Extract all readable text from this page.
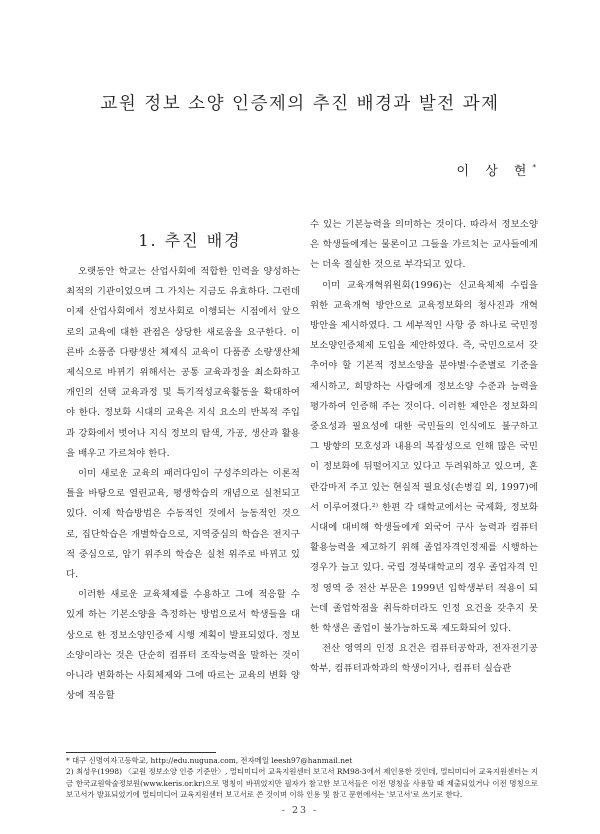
교원 정보 소양 인증제의 추진 배경과 발전 과제
이 상 현*
1. 추진 배경

오랫동안 학교는 산업사회에 적합한 인력을 양성하는 최적의 기관이었으며 그 가치는 지금도 유효하다. 그런데 이제 산업사회에서 정보사회로 이행되는 시점에서 앞으로의 교육에 대한 관점은 상당한 새로움을 요구한다. 이른바 소품종 다량생산 체제식 교육이 다품종 소량생산체제식으로 바뀌기 위해서는 공통 교육과정을 최소화하고 개인의 선택 교육과정 및 특기적성교육활동을 확대하여야 한다. 정보화 시대의 교육은 지식 요소의 반복적 주입과 강화에서 벗어나 지식 정보의 탐색, 가공, 생산과 활용을 배우고 가르쳐야 한다.

이미 새로운 교육의 패러다임이 구성주의라는 이론적 틀을 바탕으로 열린교육, 평생학습의 개념으로 실천되고 있다. 이제 학습방법은 수동적인 것에서 능동적인 것으로, 집단학습은 개별학습으로, 지역중심의 학습은 전지구적 중심으로, 암기 위주의 학습은 실천 위주로 바뀌고 있다.

이러한 새로운 교육체제를 수용하고 그에 적응할 수 있게 하는 기본소양을 측정하는 방법으로서 학생들을 대상으로 한 정보소양인증제 시행 계획이 발표되었다. 정보소양이라는 것은 단순히 컴퓨터 조작능력을 말하는 것이 아니라 변화하는 사회체제와 그에 따르는 교육의 변화 양상에 적응할

수 있는 기본능력을 의미하는 것이다. 따라서 정보소양은 학생들에게는 물론이고 그들을 가르치는 교사들에게는 더욱 절실한 것으로 부각되고 있다.

이미 교육개혁위원회(1996)는 신교육체제 수립을 위한 교육개혁 방안으로 교육정보화의 청사진과 개혁 방안을 제시하였다. 그 세부적인 사항 중 하나로 국민정보소양인증체제 도입을 제안하였다. 즉, 국민으로서 갖추어야 할 기본적 정보소양을 분야별·수준별로 기준을 제시하고, 희망하는 사람에게 정보소양 수준과 능력을 평가하여 인증해 주는 것이다. 이러한 제안은 정보화의 중요성과 필요성에 대한 국민들의 인식에도 불구하고 그 방향의 모호성과 내용의 복잡성으로 인해 많은 국민이 정보화에 뒤떨어지고 있다고 두려워하고 있으며, 혼란감마저 주고 있는 현실적 필요성(손병길 외, 1997)에서 이루어졌다.²⁾ 한편 각 대학교에서는 국제화, 정보화 시대에 대비해 학생들에게 외국어 구사 능력과 컴퓨터 활용능력을 제고하기 위해 졸업자격인정제를 시행하는 경우가 늘고 있다. 국립 경북대학교의 경우 졸업자격 인정 영역 중 전산 부문은 1999년 입학생부터 적용이 되는데 졸업학점을 취득하더라도 인정 요건을 갖추지 못한 학생은 졸업이 불가능하도록 제도화되어 있다.

전산 영역의 인정 요건은 컴퓨터공학과, 전자전기공학부, 컴퓨터과학과의 학생이거나, 컴퓨터 실습관

* 대구 신명여자고등학교, http://edu.nuguna.com, 전자메일 leesh97@hanmail.net

2) 최성우(1998) 〈교원 정보소양 인증 기준안〉, 멀티미디어 교육지원센터 보고서 RM98-3에서 제인용한 것인데, 멀티미디어 교육지원센터는 지금 한국교원학술정보원(www.keris.or.kr)으로 명칭이 바뀌었지만 필자가 참고한 보고서들은 이전 명칭을 사용할 때 제출되었거나 이전 명칭으로 보고서가 발표되었기에 멀티미디어 교육지원센터 보고서로 쓴 것이며 이하 인용 및 참고 문헌에서는 '보고서'로 쓰기로 한다.

- 23 -
